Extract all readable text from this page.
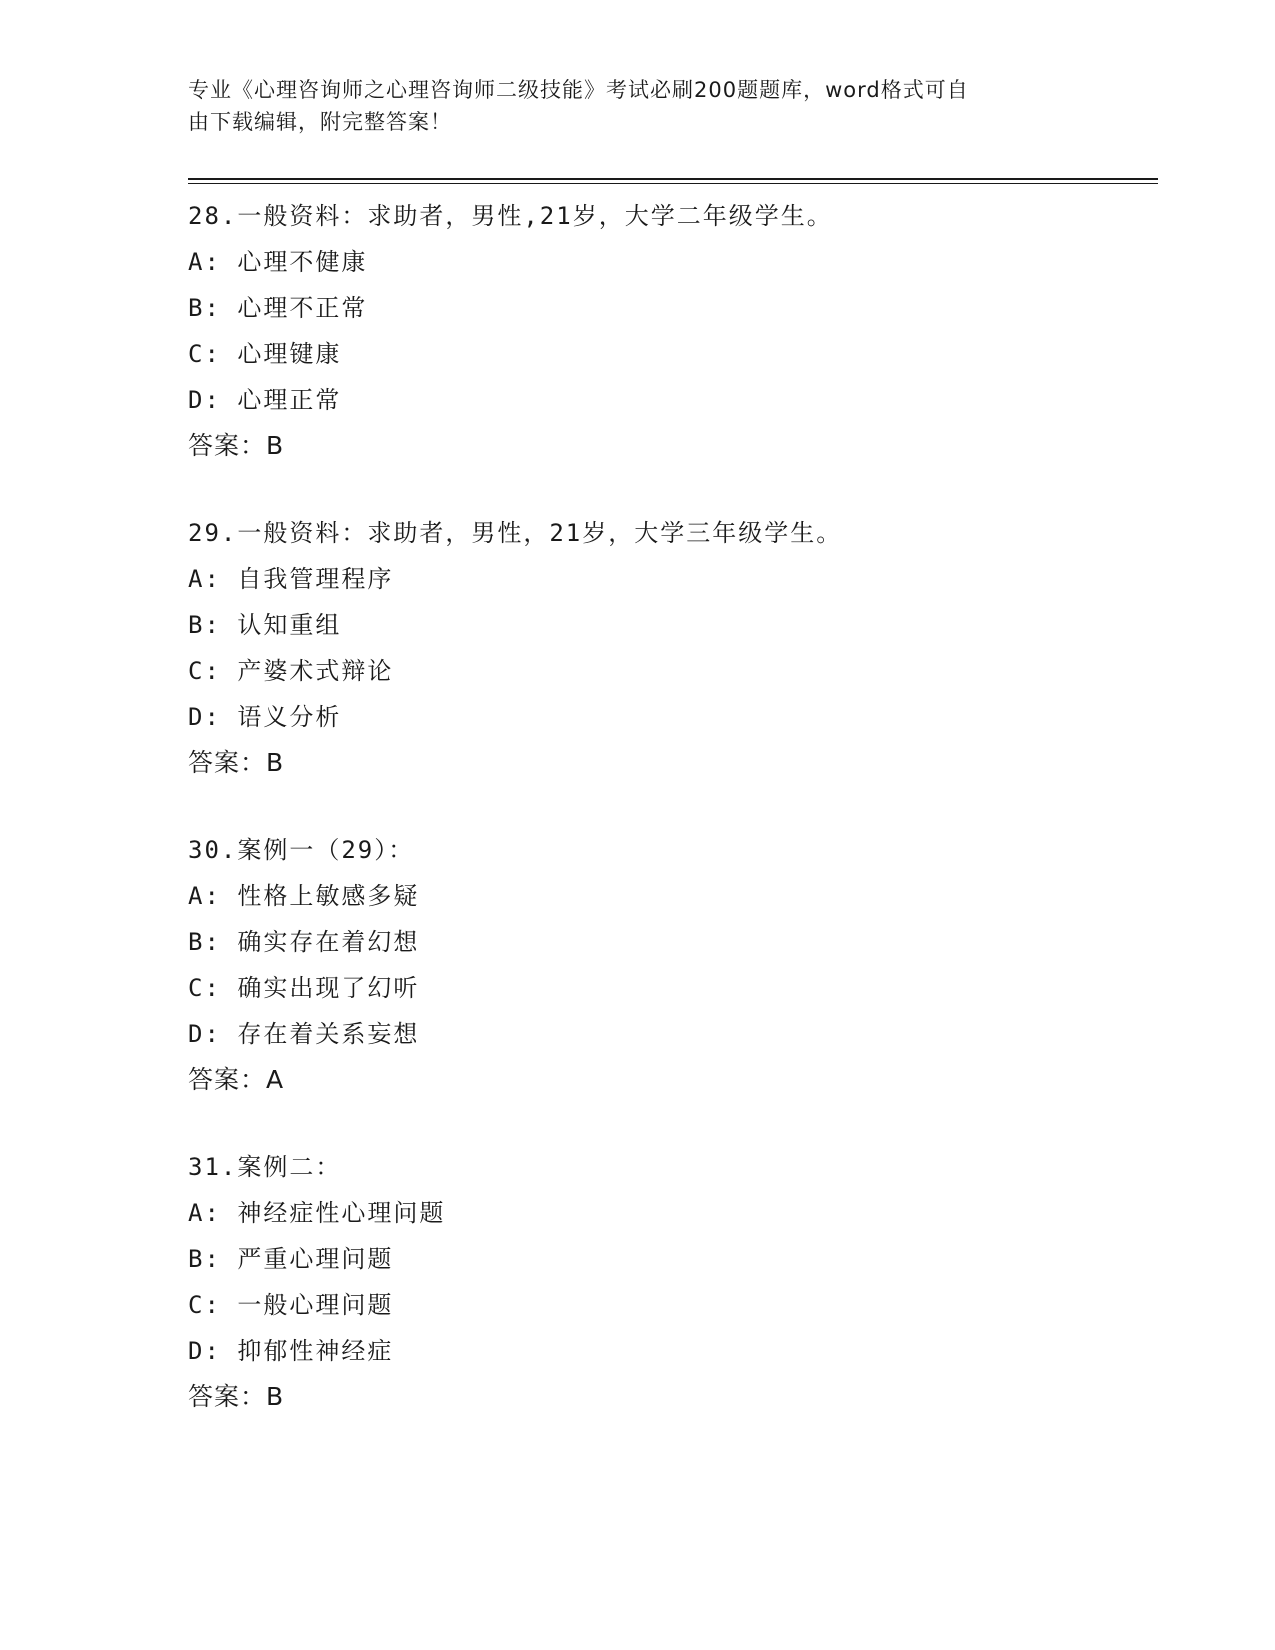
专业《心理咨询师之心理咨询师二级技能》考试必刷200题题库，word格式可自
由下载编辑，附完整答案！
28.一般资料：求助者，男性,21岁，大学二年级学生。
A: 心理不健康
B: 心理不正常
C: 心理键康
D: 心理正常
答案：B
29.一般资料：求助者，男性，21岁，大学三年级学生。
A: 自我管理程序
B: 认知重组
C: 产婆术式辩论
D: 语义分析
答案：B
30.案例一（29）：
A: 性格上敏感多疑
B: 确实存在着幻想
C: 确实出现了幻听
D: 存在着关系妄想
答案：A
31.案例二：
A: 神经症性心理问题
B: 严重心理问题
C: 一般心理问题
D: 抑郁性神经症
答案：B
